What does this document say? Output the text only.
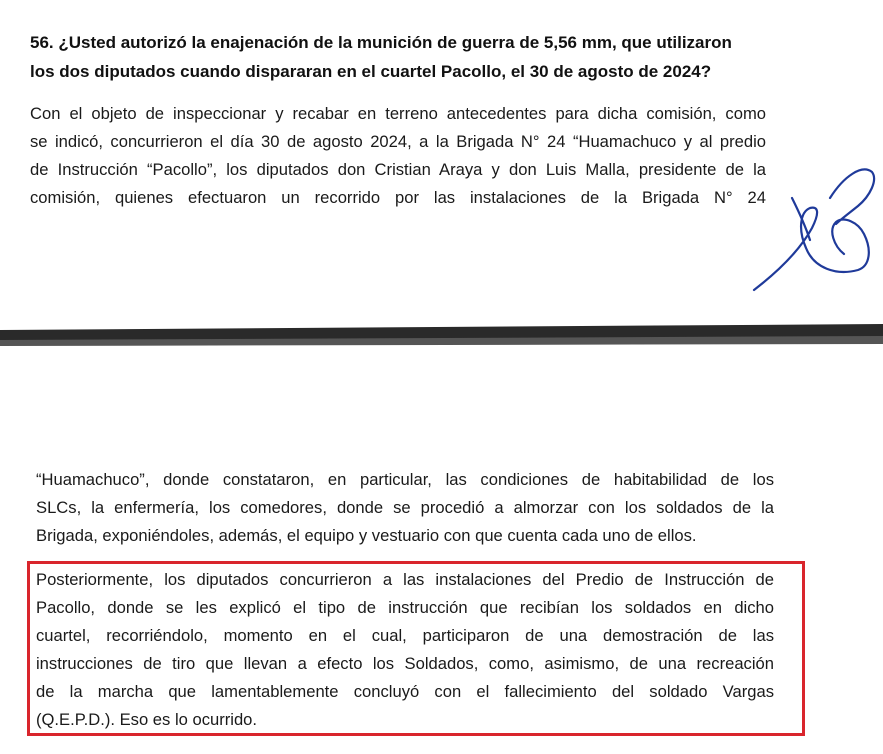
56. ¿Usted autorizó la enajenación de la munición de guerra de 5,56 mm, que utilizaron
los dos diputados cuando dispararan en el cuartel Pacollo, el 30 de agosto de 2024?
Con el objeto de inspeccionar y recabar en terreno antecedentes para dicha comisión, como
se indicó, concurrieron el día 30 de agosto 2024, a la Brigada N° 24 “Huamachuco y al predio
de Instrucción “Pacollo”, los diputados don Cristian Araya y don Luis Malla, presidente de la
comisión, quienes efectuaron un recorrido por las instalaciones de la Brigada N° 24
“Huamachuco”, donde constataron, en particular, las condiciones de habitabilidad de los
SLCs, la enfermería, los comedores, donde se procedió a almorzar con los soldados de la
Brigada, exponiéndoles, además, el equipo y vestuario con que cuenta cada uno de ellos.
Posteriormente, los diputados concurrieron a las instalaciones del Predio de Instrucción de
Pacollo, donde se les explicó el tipo de instrucción que recibían los soldados en dicho
cuartel, recorriéndolo, momento en el cual, participaron de una demostración de las
instrucciones de tiro que llevan a efecto los Soldados, como, asimismo, de una recreación
de la marcha que lamentablemente concluyó con el fallecimiento del soldado Vargas
(Q.E.P.D.). Eso es lo ocurrido.
